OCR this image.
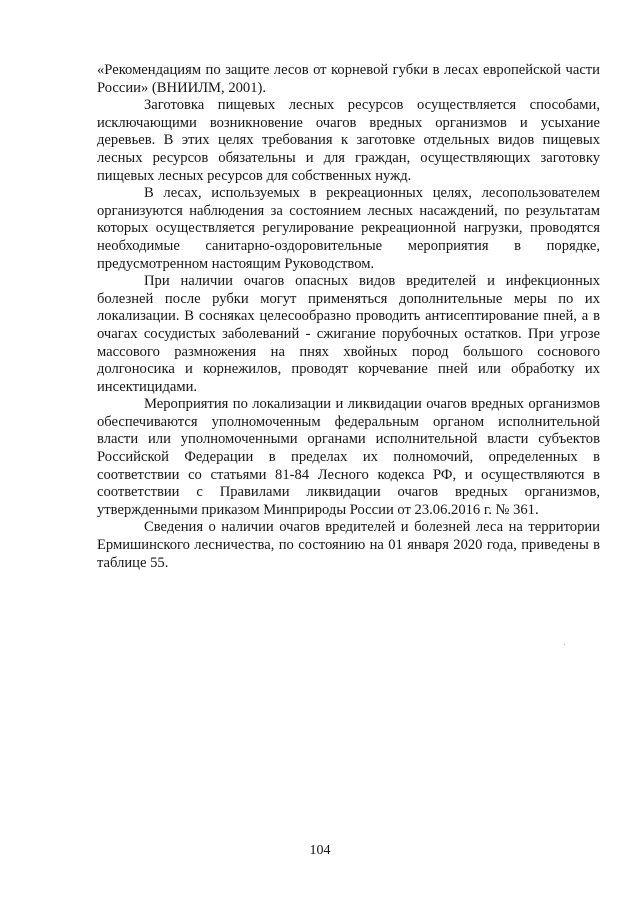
«Рекомендациям по защите лесов от корневой губки в лесах европейской части России» (ВНИИЛМ, 2001).

Заготовка пищевых лесных ресурсов осуществляется способами, исключающими возникновение очагов вредных организмов и усыхание деревьев. В этих целях требования к заготовке отдельных видов пищевых лесных ресурсов обязательны и для граждан, осуществляющих заготовку пищевых лесных ресурсов для собственных нужд.

В лесах, используемых в рекреационных целях, лесопользователем организуются наблюдения за состоянием лесных насаждений, по результатам которых осуществляется регулирование рекреационной нагрузки, проводятся необходимые санитарно-оздоровительные мероприятия в порядке, предусмотренном настоящим Руководством.

При наличии очагов опасных видов вредителей и инфекционных болезней после рубки могут применяться дополнительные меры по их локализации. В сосняках целесообразно проводить антисептирование пней, а в очагах сосудистых заболеваний - сжигание порубочных остатков. При угрозе массового размножения на пнях хвойных пород большого соснового долгоносика и корнежилов, проводят корчевание пней или обработку их инсектицидами.

Мероприятия по локализации и ликвидации очагов вредных организмов обеспечиваются уполномоченным федеральным органом исполнительной власти или уполномоченными органами исполнительной власти субъектов Российской Федерации в пределах их полномочий, определенных в соответствии со статьями 81-84 Лесного кодекса РФ, и осуществляются в соответствии с Правилами ликвидации очагов вредных организмов, утвержденными приказом Минприроды России от 23.06.2016 г. № 361.

Сведения о наличии очагов вредителей и болезней леса на территории Ермишинского лесничества, по состоянию на 01 января 2020 года, приведены в таблице 55.

104
